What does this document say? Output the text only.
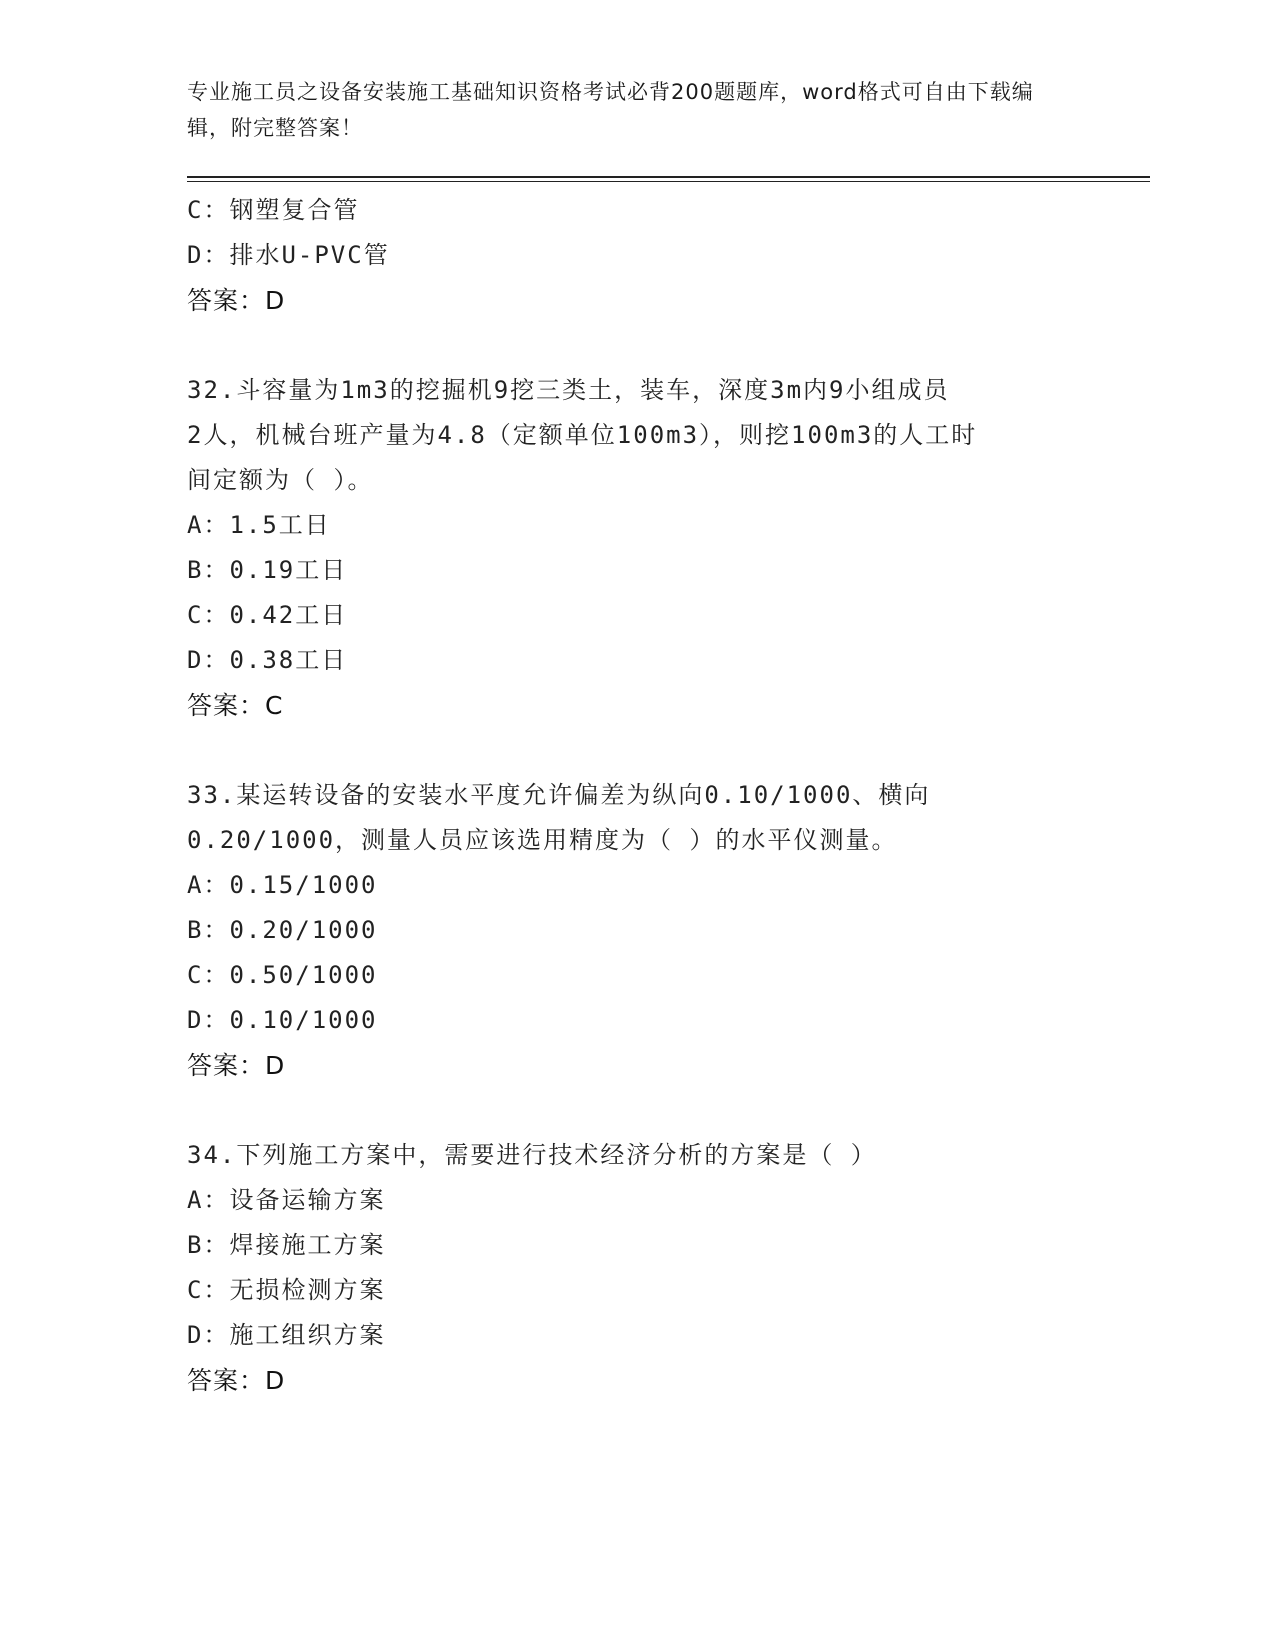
专业施工员之设备安装施工基础知识资格考试必背200题题库，word格式可自由下载编辑，附完整答案！
C：钢塑复合管
D：排水U-PVC管
答案：D
32.斗容量为1m3的挖掘机9挖三类土，装车，深度3m内9小组成员
2人，机械台班产量为4.8（定额单位100m3），则挖100m3的人工时
间定额为（ ）。
A：1.5工日
B：0.19工日
C：0.42工日
D：0.38工日
答案：C
33.某运转设备的安装水平度允许偏差为纵向0.10/1000、横向
0.20/1000，测量人员应该选用精度为（ ）的水平仪测量。
A：0.15/1000
B：0.20/1000
C：0.50/1000
D：0.10/1000
答案：D
34.下列施工方案中，需要进行技术经济分析的方案是（ ）
A：设备运输方案
B：焊接施工方案
C：无损检测方案
D：施工组织方案
答案：D
